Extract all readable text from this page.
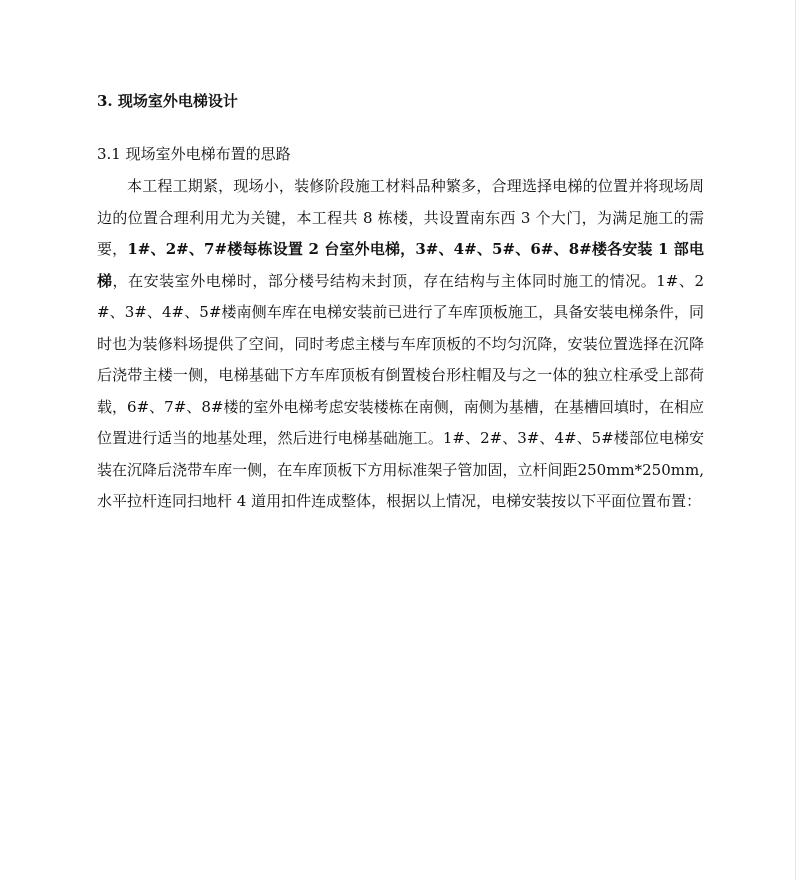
3. 现场室外电梯设计
3.1 现场室外电梯布置的思路

本工程工期紧，现场小，装修阶段施工材料品种繁多，合理选择电梯的位置并将现场周边的位置合理利用尤为关键，本工程共 8 栋楼，共设置南东西 3 个大门，为满足施工的需要，1#、2#、7#楼每栋设置 2 台室外电梯，3#、4#、5#、6#、8#楼各安装 1 部电梯，在安装室外电梯时，部分楼号结构未封顶，存在结构与主体同时施工的情况。1#、2#、3#、4#、5#楼南侧车库在电梯安装前已进行了车库顶板施工，具备安装电梯条件，同时也为装修料场提供了空间，同时考虑主楼与车库顶板的不均匀沉降，安装位置选择在沉降后浇带主楼一侧，电梯基础下方车库顶板有倒置棱台形柱帽及与之一体的独立柱承受上部荷载，6#、7#、8#楼的室外电梯考虑安装楼栋在南侧，南侧为基槽，在基槽回填时，在相应位置进行适当的地基处理，然后进行电梯基础施工。1#、2#、3#、4#、5#楼部位电梯安装在沉降后浇带车库一侧，在车库顶板下方用标准架子管加固，立杆间距250mm*250mm,水平拉杆连同扫地杆 4 道用扣件连成整体，根据以上情况，电梯安装按以下平面位置布置：
